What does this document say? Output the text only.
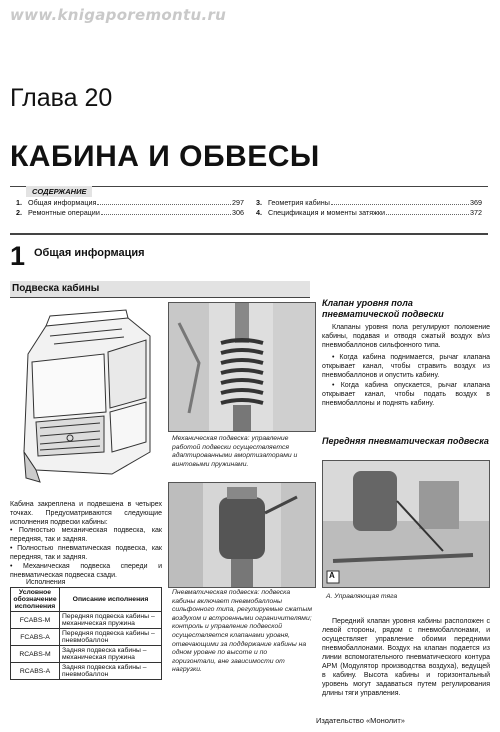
www.knigaporemontu.ru
Глава 20
КАБИНА И ОБВЕСЫ
СОДЕРЖАНИЕ
1. Общая информация	297
2. Ремонтные операции	306
3. Геометрия кабины	369
4. Спецификация и моменты затяжки	372
1 Общая информация
Подвеска кабины
Кабина закреплена и подвешена в четырех точках. Предусматриваются следующие исполнения подвески кабины:
• Полностью механическая подвеска, как передняя, так и задняя.
• Полностью пневматическая подвеска, как передняя, так и задняя.
• Механическая подвеска спереди и пневматическая подвеска сзади.
Исполнения
Условное обозначение исполнения	Описание исполнения
FCABS-M	Передняя подвеска кабины – механическая пружина
FCABS-A	Передняя подвеска кабины – пневмобаллон
RCABS-M	Задняя подвеска кабины – механическая пружина
RCABS-A	Задняя подвеска кабины – пневмобаллон
Механическая подвеска: управление работой подвески осуществляется адаптированными амортизаторами и винтовыми пружинами.
Пневматическая подвеска: подвеска кабины включает пневмобаллоны сильфонного типа, регулируемые сжатым воздухом и встроенными ограничителями; контроль и управление подвеской осуществляется клапанами уровня, отвечающими за поддержание кабины на одном уровне по высоте и по горизонтали, вне зависимости от нагрузки.
Клапан уровня пола пневматической подвески
Клапаны уровня пола регулируют положение кабины, подавая и отводя сжатый воздух в/из пневмобаллонов сильфонного типа.
• Когда кабина поднимается, рычаг клапана открывает канал, чтобы стравить воздух из пневмобаллонов и опустить кабину.
• Когда кабина опускается, рычаг клапана открывает канал, чтобы подать воздух в пневмобаллоны и поднять кабину.
Передняя пневматическая подвеска
A
A. Управляющая тяга
Передний клапан уровня кабины расположен с левой стороны, рядом с пневмобаллонами, и осуществляет управление обоими передними пневмобаллонами. Воздух на клапан подается из линии вспомогательного пневматического контура APM (Модулятор производства воздуха), ведущей в кабину. Высота кабины и горизонтальный уровень могут задаваться путем регулирования длины тяги управления.
Издательство «Монолит»
